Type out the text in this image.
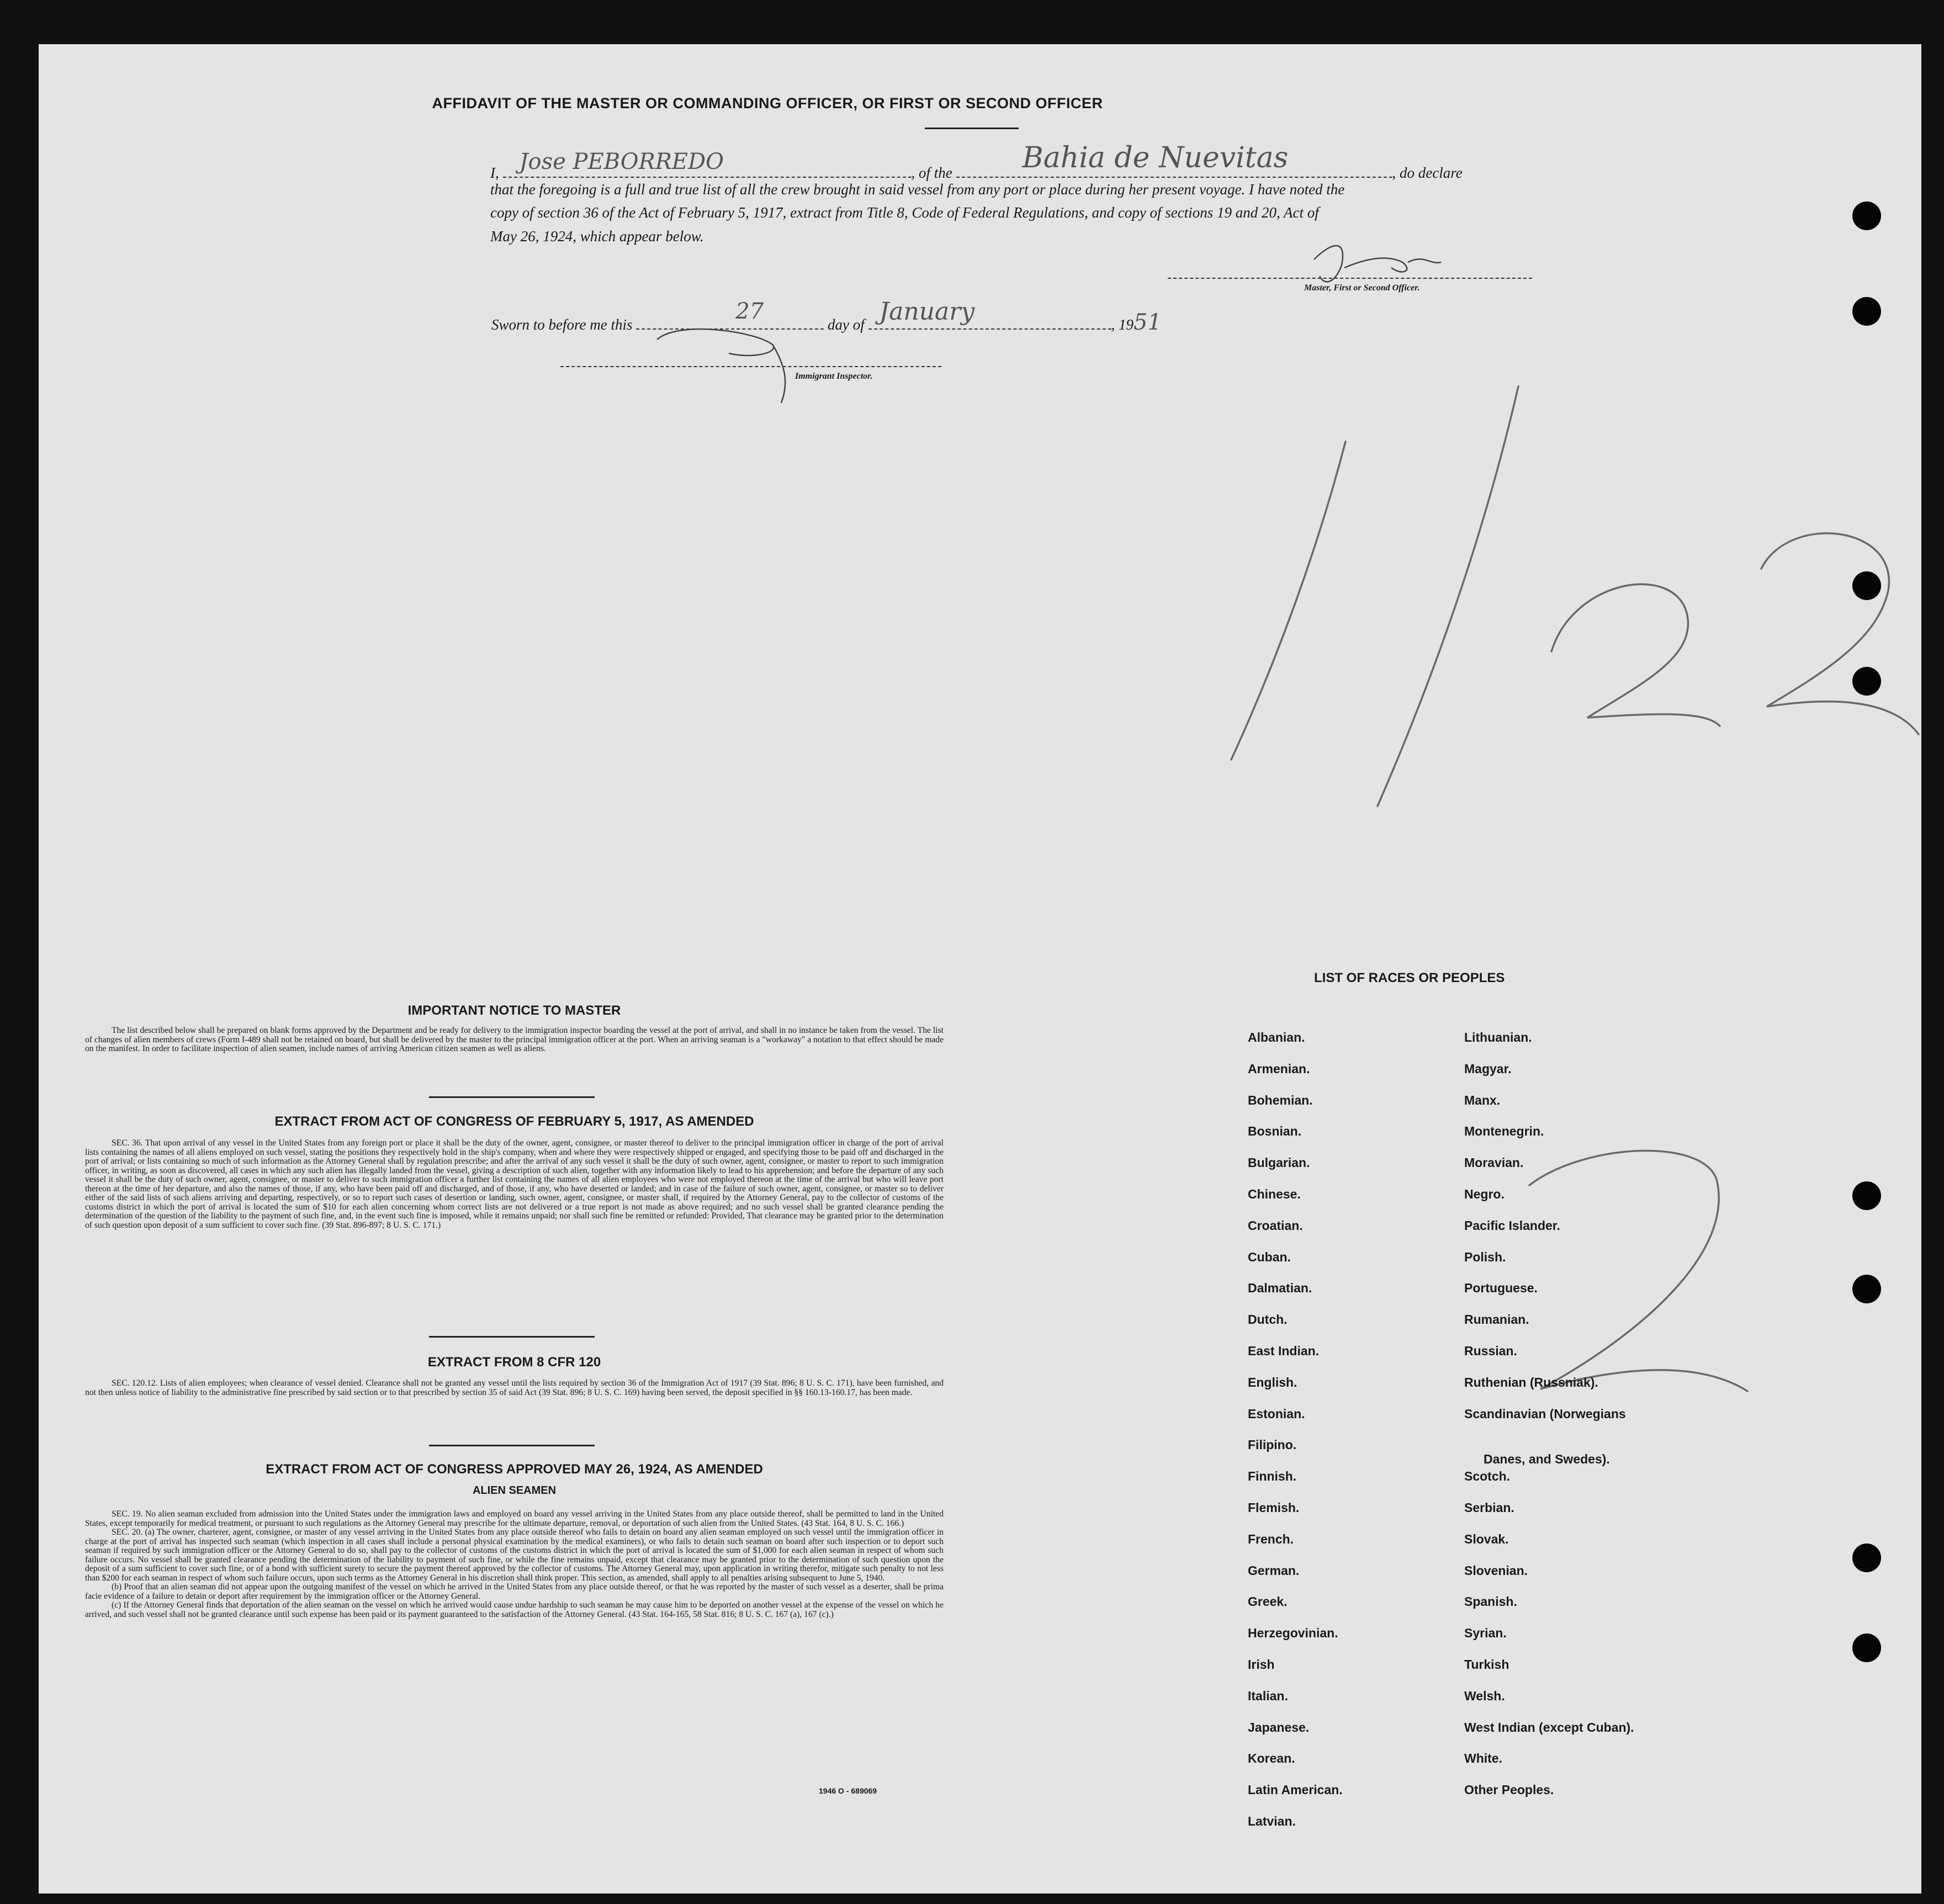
AFFIDAVIT OF THE MASTER OR COMMANDING OFFICER, OR FIRST OR SECOND OFFICER
I, Jose PEBORREDO	, of the Bahia de Nuevitas	, do declare
that the foregoing is a full and true list of all the crew brought in said vessel from any port or place during her present voyage. I have noted the
copy of section 36 of the Act of February 5, 1917, extract from Title 8, Code of Federal Regulations, and copy of sections 19 and 20, Act of
May 26, 1924, which appear below.
Master, First or Second Officer.
Sworn to before me this
27
day of January	, 1951
Immigrant Inspector.
IMPORTANT NOTICE TO MASTER

The list described below shall be prepared on blank forms approved by the Department and be ready for delivery to the immigration inspector boarding the vessel at the port of arrival, and shall in no instance be taken from the vessel. The list of changes of alien members of crews (Form I-489 shall not be retained on board, but shall be delivered by the master to the principal immigration officer at the port. When an arriving seaman is a "workaway" a notation to that effect should be made on the manifest. In order to facilitate inspection of alien seamen, include names of arriving American citizen seamen as well as aliens.

EXTRACT FROM ACT OF CONGRESS OF FEBRUARY 5, 1917, AS AMENDED

SEC. 36. That upon arrival of any vessel in the United States from any foreign port or place it shall be the duty of the owner, agent, consignee, or master thereof to deliver to the principal immigration officer in charge of the port of arrival lists containing the names of all aliens employed on such vessel, stating the positions they respectively hold in the ship's company, when and where they were respectively shipped or engaged, and specifying those to be paid off and discharged in the port of arrival; or lists containing so much of such information as the Attorney General shall by regulation prescribe; and after the arrival of any such vessel it shall be the duty of such owner, agent, consignee, or master to report to such immigration officer, in writing, as soon as discovered, all cases in which any such alien has illegally landed from the vessel, giving a description of such alien, together with any information likely to lead to his apprehension; and before the departure of any such vessel it shall be the duty of such owner, agent, consignee, or master to deliver to such immigration officer a further list containing the names of all alien employees who were not employed thereon at the time of the arrival but who will leave port thereon at the time of her departure, and also the names of those, if any, who have been paid off and discharged, and of those, if any, who have deserted or landed; and in case of the failure of such owner, agent, consignee, or master so to deliver either of the said lists of such aliens arriving and departing, respectively, or so to report such cases of desertion or landing, such owner, agent, consignee, or master shall, if required by the Attorney General, pay to the collector of customs of the customs district in which the port of arrival is located the sum of $10 for each alien concerning whom correct lists are not delivered or a true report is not made as above required; and no such vessel shall be granted clearance pending the determination of the question of the liability to the payment of such fine, and, in the event such fine is imposed, while it remains unpaid; nor shall such fine be remitted or refunded: Provided, That clearance may be granted prior to the determination of such question upon deposit of a sum sufficient to cover such fine. (39 Stat. 896-897; 8 U. S. C. 171.)

EXTRACT FROM 8 CFR 120

SEC. 120.12. Lists of alien employees; when clearance of vessel denied. Clearance shall not be granted any vessel until the lists required by section 36 of the Immigration Act of 1917 (39 Stat. 896; 8 U. S. C. 171), have been furnished, and not then unless notice of liability to the administrative fine prescribed by said section or to that prescribed by section 35 of said Act (39 Stat. 896; 8 U. S. C. 169) having been served, the deposit specified in §§ 160.13-160.17, has been made.

EXTRACT FROM ACT OF CONGRESS APPROVED MAY 26, 1924, AS AMENDED
ALIEN SEAMEN

SEC. 19. No alien seaman excluded from admission into the United States under the immigration laws and employed on board any vessel arriving in the United States from any place outside thereof, shall be permitted to land in the United States, except temporarily for medical treatment, or pursuant to such regulations as the Attorney General may prescribe for the ultimate departure, removal, or deportation of such alien from the United States. (43 Stat. 164, 8 U. S. C. 166.)

SEC. 20. (a) The owner, charterer, agent, consignee, or master of any vessel arriving in the United States from any place outside thereof who fails to detain on board any alien seaman employed on such vessel until the immigration officer in charge at the port of arrival has inspected such seaman (which inspection in all cases shall include a personal physical examination by the medical examiners), or who fails to detain such seaman on board after such inspection or to deport such seaman if required by such immigration officer or the Attorney General to do so, shall pay to the collector of customs of the customs district in which the port of arrival is located the sum of $1,000 for each alien seaman in respect of whom such failure occurs. No vessel shall be granted clearance pending the determination of the liability to payment of such fine, or while the fine remains unpaid, except that clearance may be granted prior to the determination of such question upon the deposit of a sum sufficient to cover such fine, or of a bond with sufficient surety to secure the payment thereof approved by the collector of customs. The Attorney General may, upon application in writing therefor, mitigate such penalty to not less than $200 for each seaman in respect of whom such failure occurs, upon such terms as the Attorney General in his discretion shall think proper. This section, as amended, shall apply to all penalties arising subsequent to June 5, 1940.

(b) Proof that an alien seaman did not appear upon the outgoing manifest of the vessel on which he arrived in the United States from any place outside thereof, or that he was reported by the master of such vessel as a deserter, shall be prima facie evidence of a failure to detain or deport after requirement by the immigration officer or the Attorney General.

(c) If the Attorney General finds that deportation of the alien seaman on the vessel on which he arrived would cause undue hardship to such seaman he may cause him to be deported on another vessel at the expense of the vessel on which he arrived, and such vessel shall not be granted clearance until such expense has been paid or its payment guaranteed to the satisfaction of the Attorney General. (43 Stat. 164-165, 58 Stat. 816; 8 U. S. C. 167 (a), 167 (c).)

1946 O - 689069
LIST OF RACES OR PEOPLES
Albanian.
Armenian.
Bohemian.
Bosnian.
Bulgarian.
Chinese.
Croatian.
Cuban.
Dalmatian.
Dutch.
East Indian.
English.
Estonian.
Filipino.
Finnish.
Flemish.
French.
German.
Greek.
Herzegovinian.
Irish
Italian.
Japanese.
Korean.
Latin American.
Latvian.
Lithuanian.
Magyar.
Manx.
Montenegrin.
Moravian.
Negro.
Pacific Islander.
Polish.
Portuguese.
Rumanian.
Russian.
Ruthenian (Russniak).
Scandinavian (Norwegians
Danes, and Swedes).
Scotch.
Serbian.
Slovak.
Slovenian.
Spanish.
Syrian.
Turkish
Welsh.
West Indian (except Cuban).
White.
Other Peoples.
